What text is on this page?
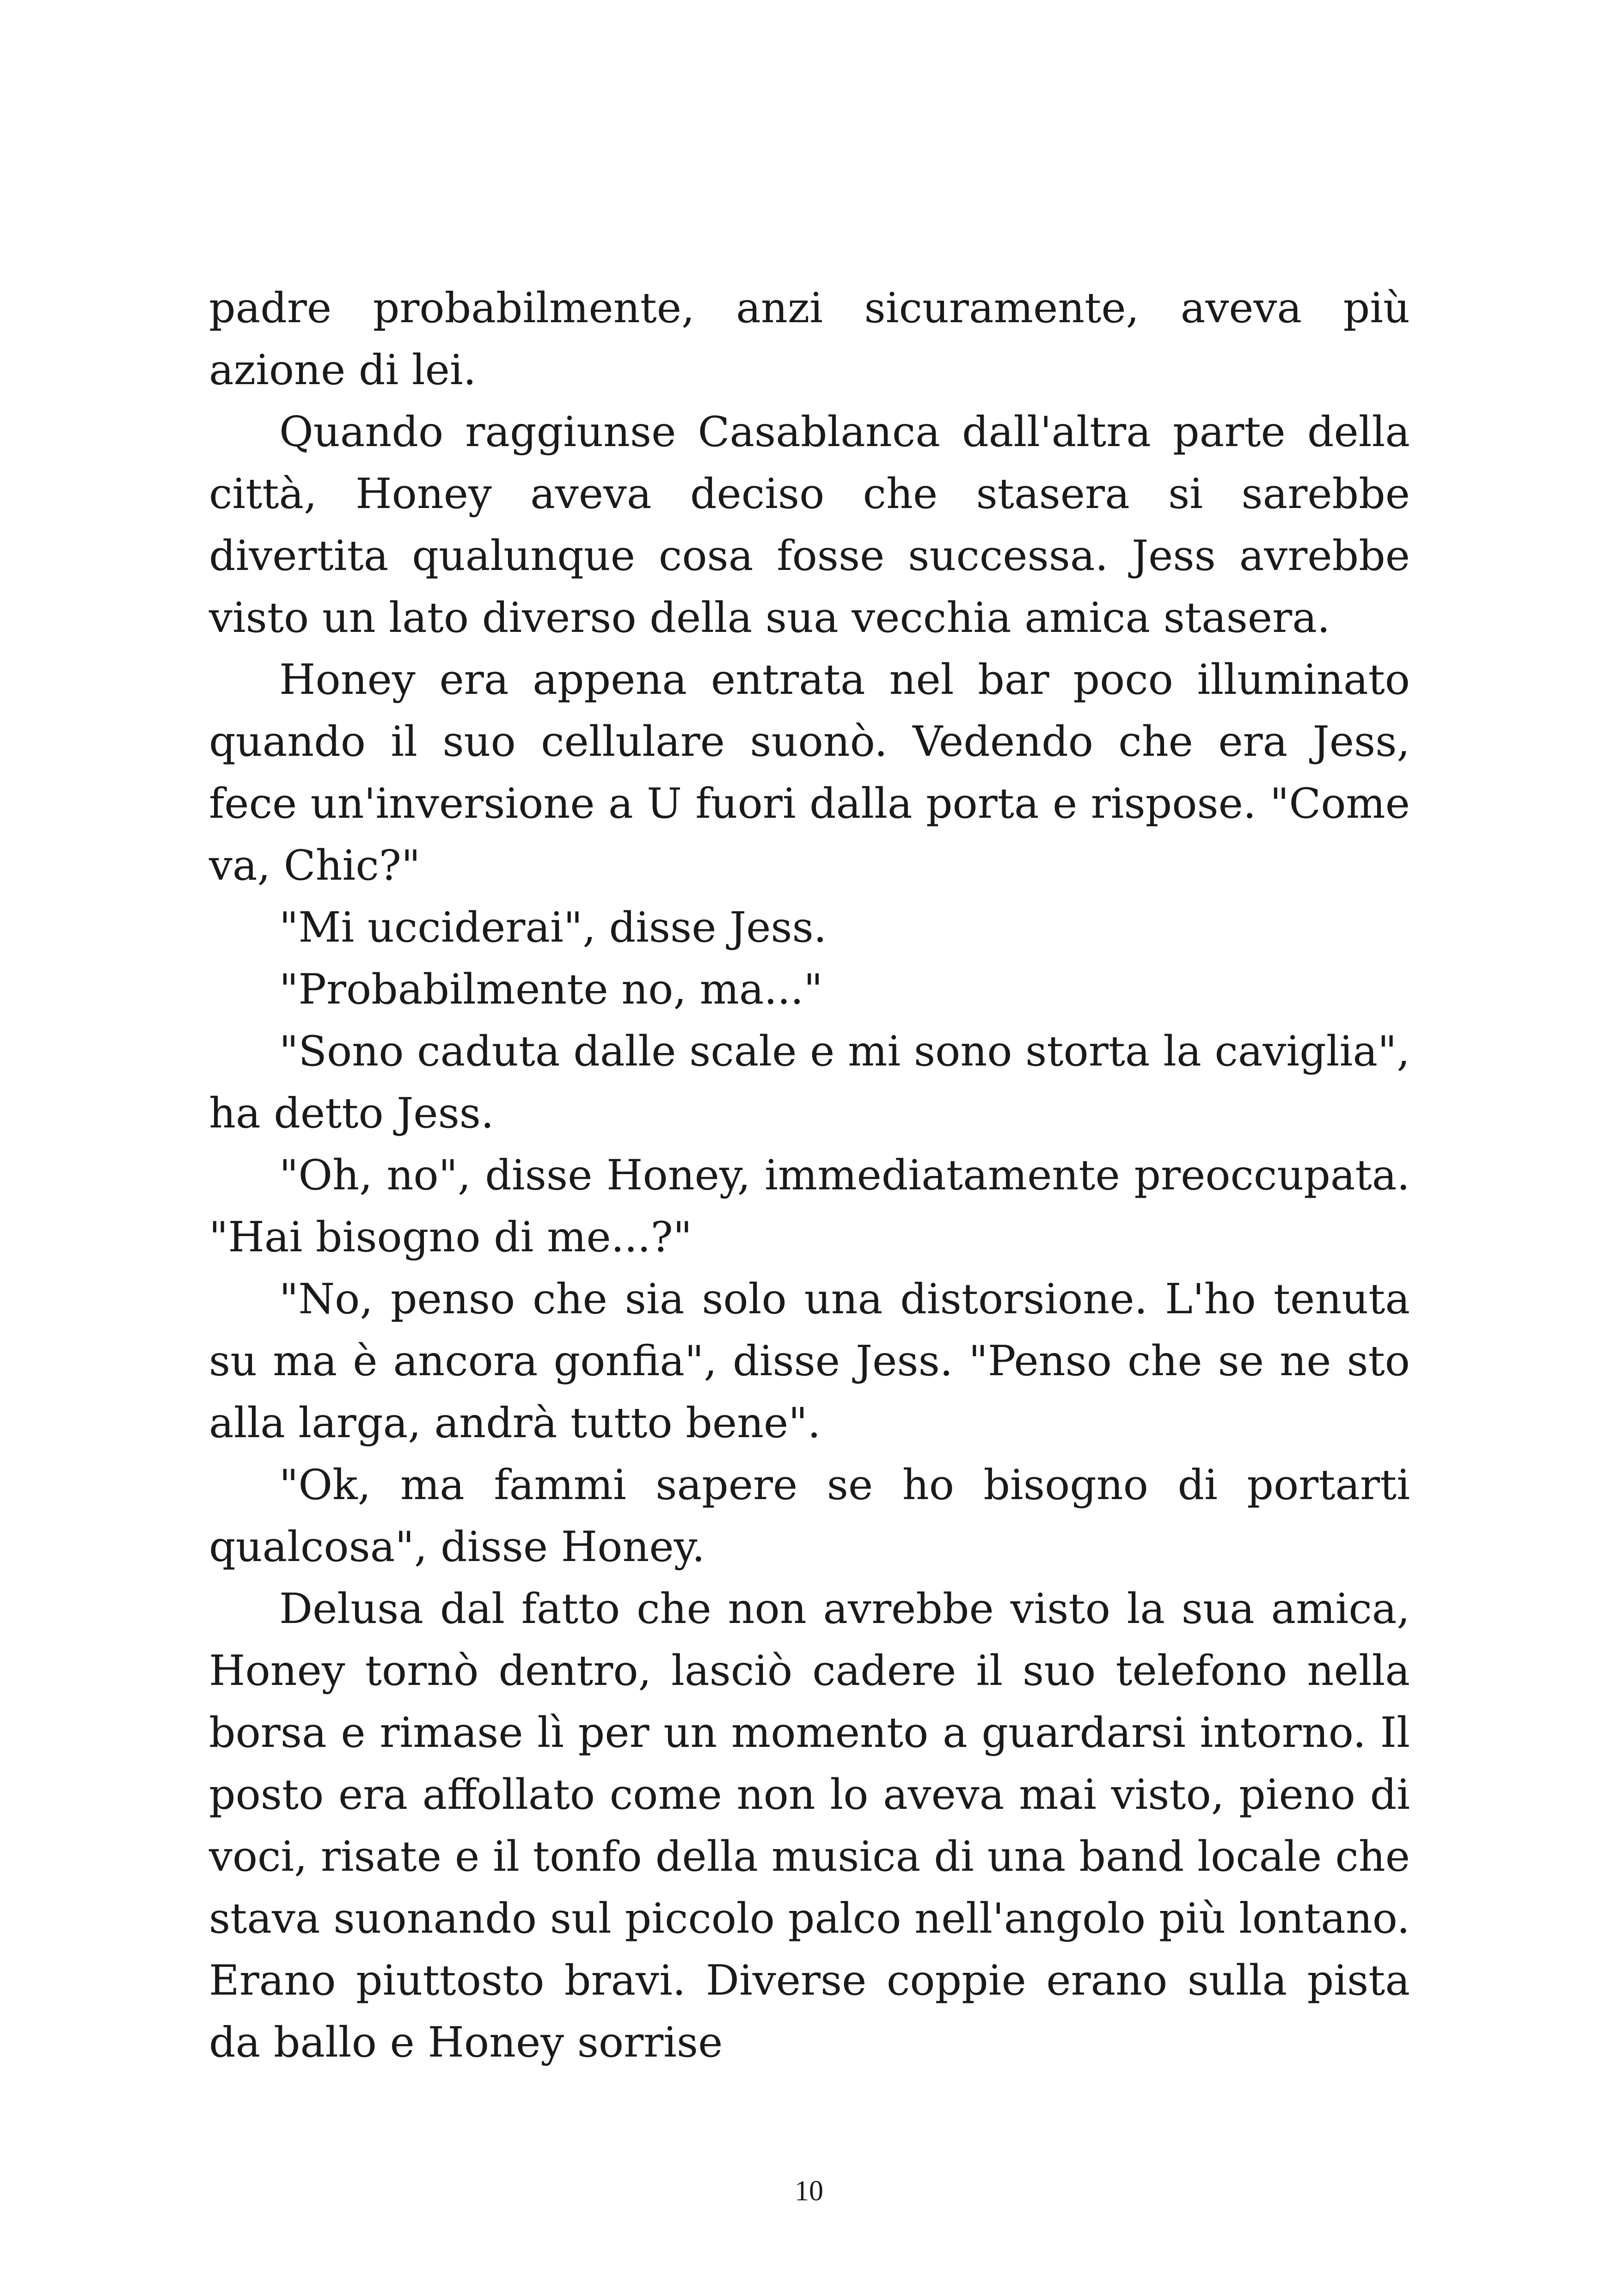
padre probabilmente, anzi sicuramente, aveva più azione di lei.

Quando raggiunse Casablanca dall'altra parte della città, Honey aveva deciso che stasera si sarebbe divertita qualunque cosa fosse successa. Jess avrebbe visto un lato diverso della sua vecchia amica stasera.

Honey era appena entrata nel bar poco illuminato quando il suo cellulare suonò. Vedendo che era Jess, fece un'inversione a U fuori dalla porta e rispose. "Come va, Chic?"

"Mi ucciderai", disse Jess.

"Probabilmente no, ma..."

"Sono caduta dalle scale e mi sono storta la caviglia", ha detto Jess.

"Oh, no", disse Honey, immediatamente preoccupata. "Hai bisogno di me...?"

"No, penso che sia solo una distorsione. L'ho tenuta su ma è ancora gonfia", disse Jess. "Penso che se ne sto alla larga, andrà tutto bene".

"Ok, ma fammi sapere se ho bisogno di portarti qualcosa", disse Honey.

Delusa dal fatto che non avrebbe visto la sua amica, Honey tornò dentro, lasciò cadere il suo telefono nella borsa e rimase lì per un momento a guardarsi intorno. Il posto era affollato come non lo aveva mai visto, pieno di voci, risate e il tonfo della musica di una band locale che stava suonando sul piccolo palco nell'angolo più lontano. Erano piuttosto bravi. Diverse coppie erano sulla pista da ballo e Honey sorrise

10
